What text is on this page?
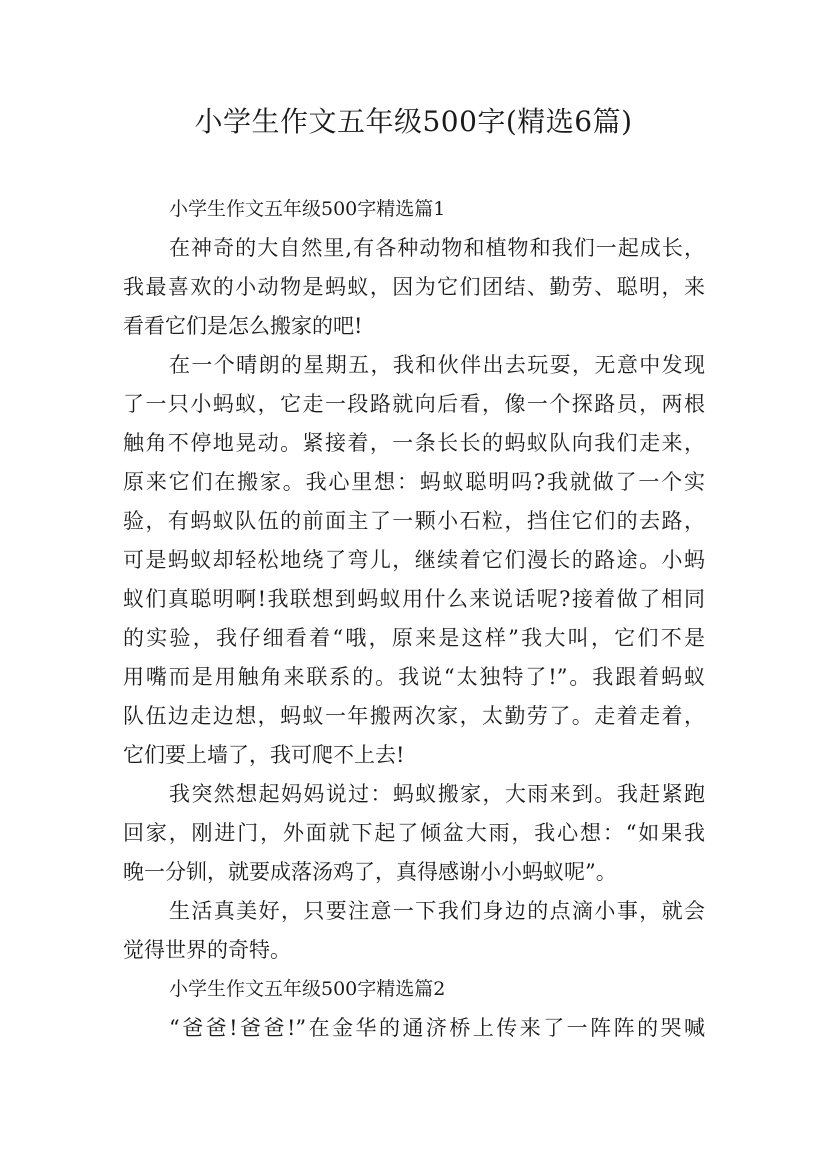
小学生作文五年级500字(精选6篇)
小学生作文五年级500字精选篇1
在神奇的大自然里,有各种动物和植物和我们一起成长，
我最喜欢的小动物是蚂蚁，因为它们团结、勤劳、聪明，来
看看它们是怎么搬家的吧!
在一个晴朗的星期五，我和伙伴出去玩耍，无意中发现
了一只小蚂蚁，它走一段路就向后看，像一个探路员，两根
触角不停地晃动。紧接着，一条长长的蚂蚁队向我们走来，
原来它们在搬家。我心里想：蚂蚁聪明吗?我就做了一个实
验，有蚂蚁队伍的前面主了一颗小石粒，挡住它们的去路，
可是蚂蚁却轻松地绕了弯儿，继续着它们漫长的路途。小蚂
蚁们真聪明啊!我联想到蚂蚁用什么来说话呢?接着做了相同
的实验，我仔细看着“哦，原来是这样”我大叫，它们不是
用嘴而是用触角来联系的。我说“太独特了!”。我跟着蚂蚁
队伍边走边想，蚂蚁一年搬两次家，太勤劳了。走着走着，
它们要上墙了，我可爬不上去!
我突然想起妈妈说过：蚂蚁搬家，大雨来到。我赶紧跑
回家，刚进门，外面就下起了倾盆大雨，我心想：“如果我
晚一分钏，就要成落汤鸡了，真得感谢小小蚂蚁呢”。
生活真美好，只要注意一下我们身边的点滴小事，就会
觉得世界的奇特。
小学生作文五年级500字精选篇2
“爸爸!爸爸!”在金华的通济桥上传来了一阵阵的哭喊
